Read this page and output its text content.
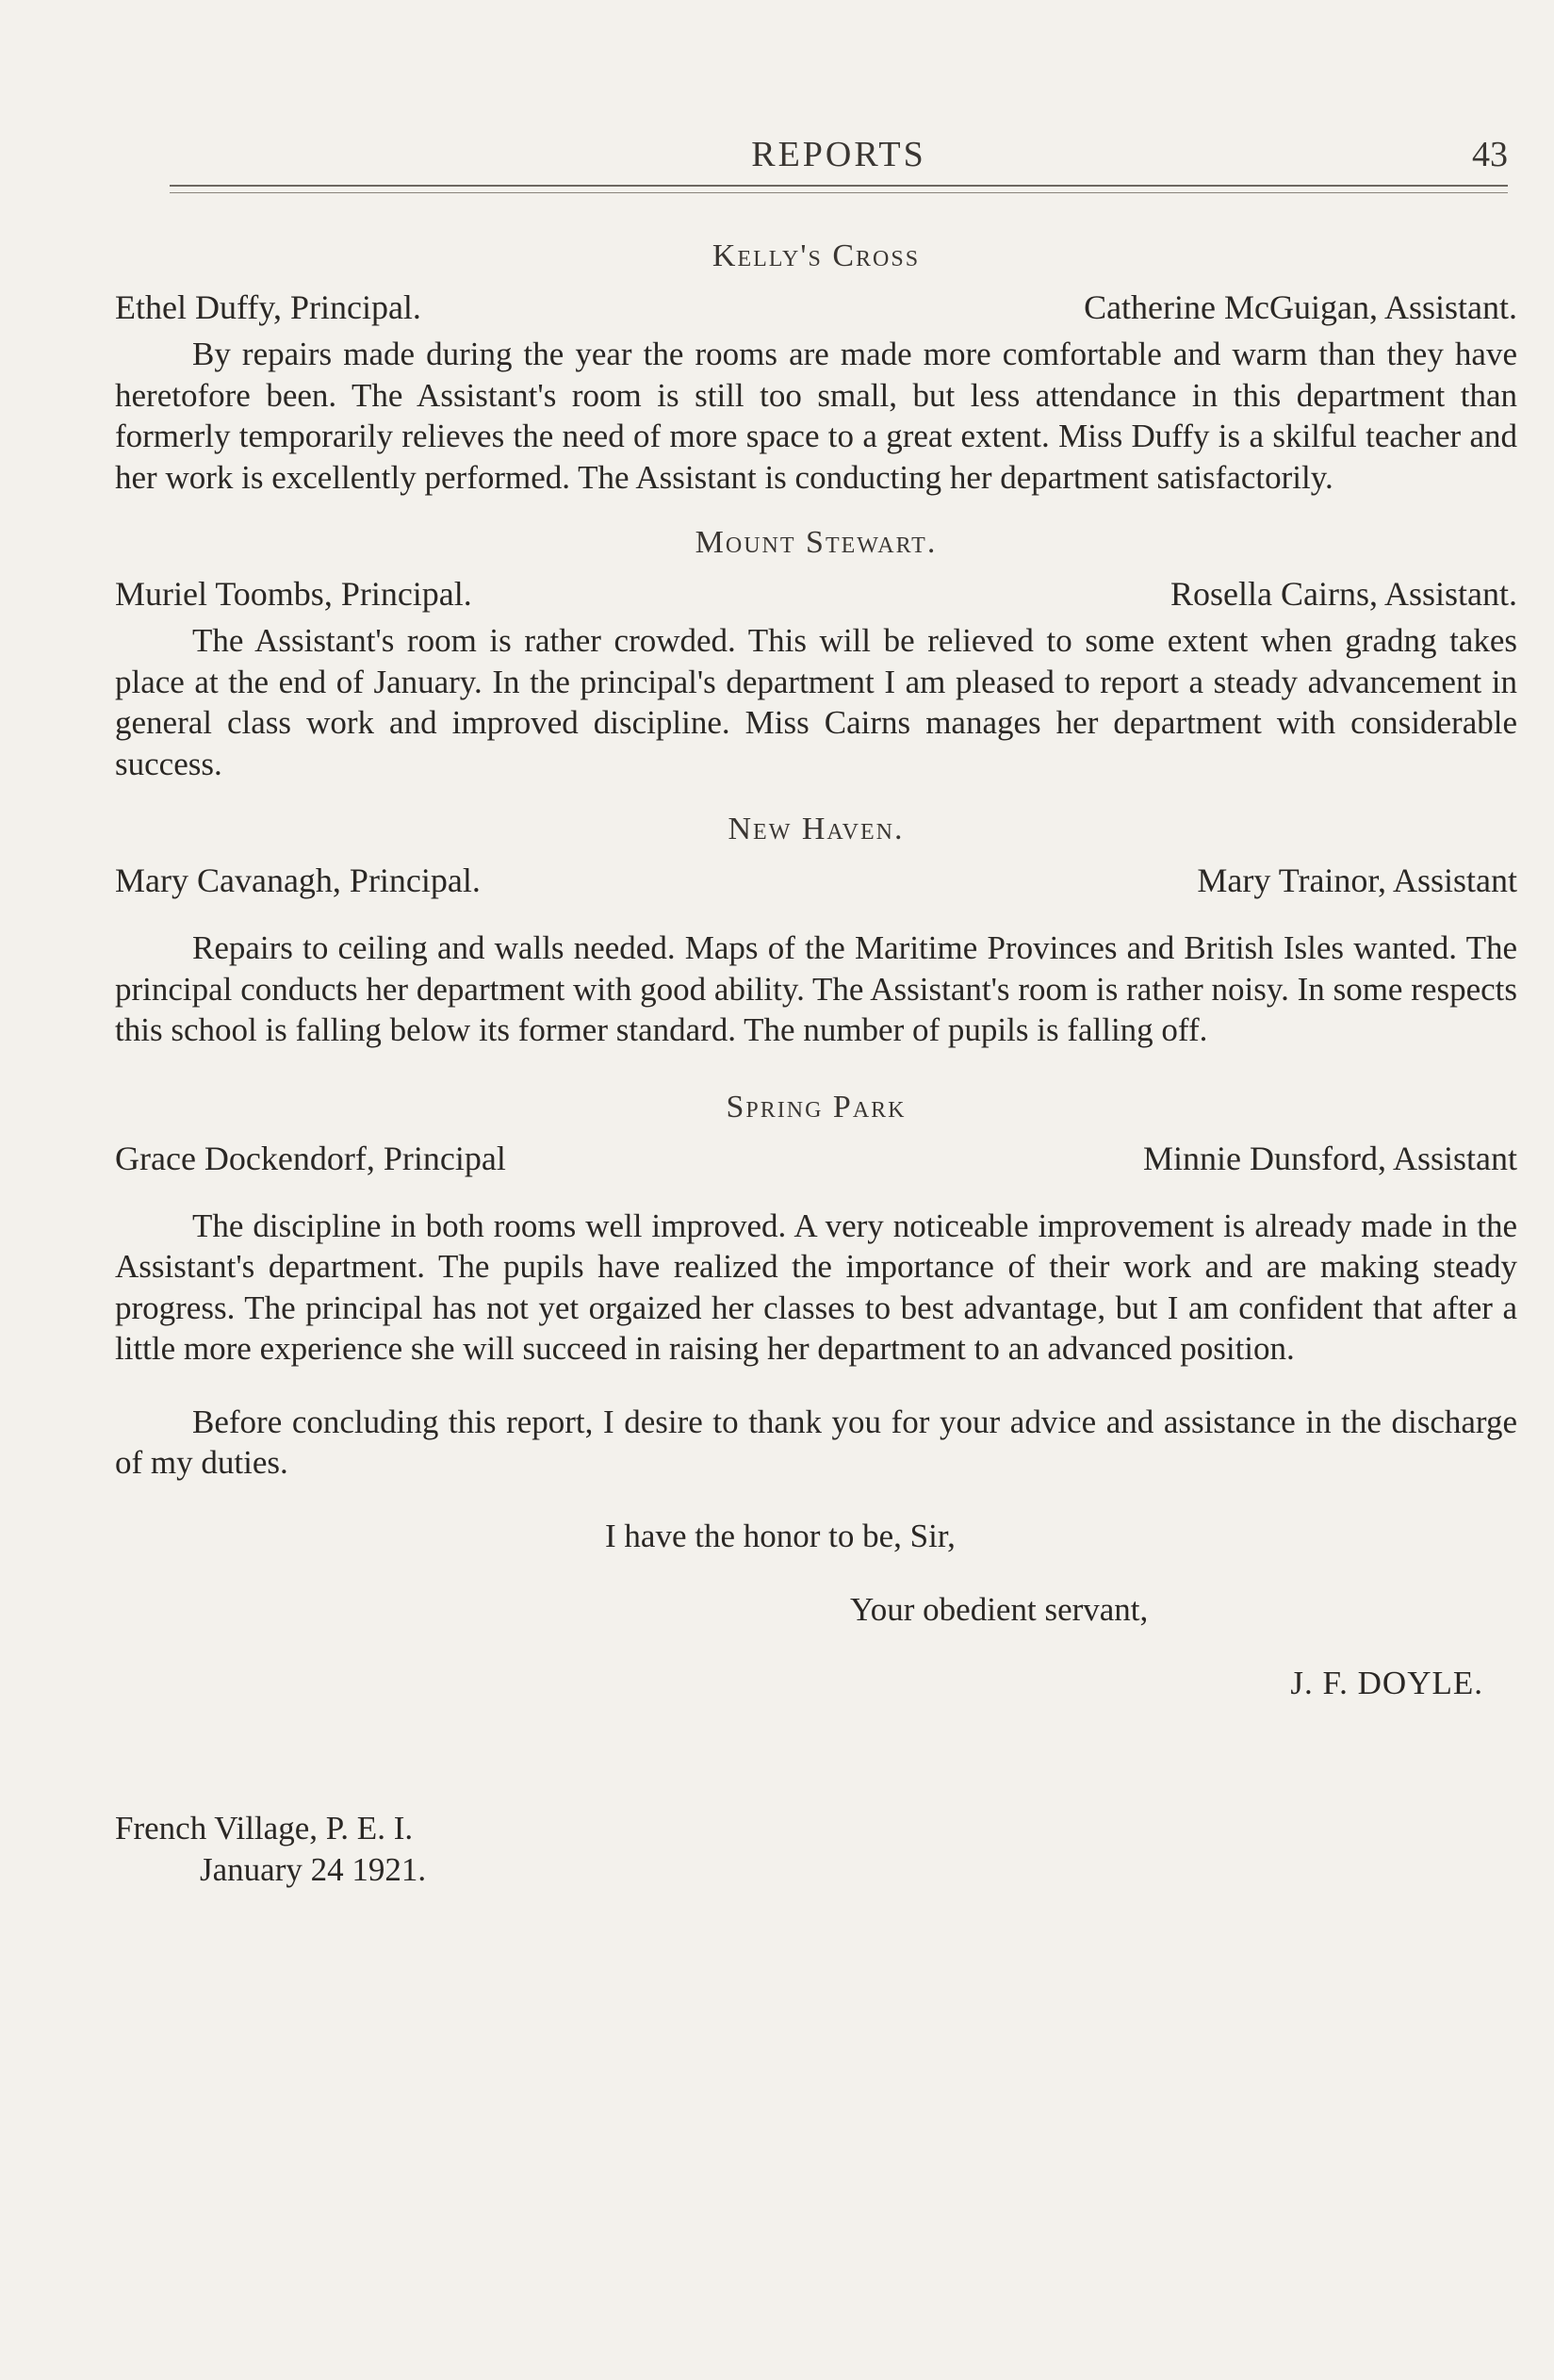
REPORTS	43
Kelly's Cross
Ethel Duffy, Principal.	Catherine McGuigan, Assistant.

By repairs made during the year the rooms are made more comfortable and warm than they have heretofore been. The Assistant's room is still too small, but less attendance in this department than formerly temporarily relieves the need of more space to a great extent. Miss Duffy is a skilful teacher and her work is excellently performed. The Assistant is conducting her department satisfactorily.

Mount Stewart.
Muriel Toombs, Principal.	Rosella Cairns, Assistant.

The Assistant's room is rather crowded. This will be relieved to some extent when gradng takes place at the end of January. In the principal's department I am pleased to report a steady advancement in general class work and improved discipline. Miss Cairns manages her department with considerable success.

New Haven.
Mary Cavanagh, Principal.	Mary Trainor, Assistant

Repairs to ceiling and walls needed. Maps of the Maritime Provinces and British Isles wanted. The principal conducts her department with good ability. The Assistant's room is rather noisy. In some respects this school is falling below its former standard. The number of pupils is falling off.

Spring Park
Grace Dockendorf, Principal	Minnie Dunsford, Assistant

The discipline in both rooms well improved. A very noticeable improvement is already made in the Assistant's department. The pupils have realized the importance of their work and are making steady progress. The principal has not yet orgaized her classes to best advantage, but I am confident that after a little more experience she will succeed in raising her department to an advanced position.

Before concluding this report, I desire to thank you for your advice and assistance in the discharge of my duties.

I have the honor to be, Sir,
Your obedient servant,
J. F. DOYLE.
French Village, P. E. I.
January 24 1921.
